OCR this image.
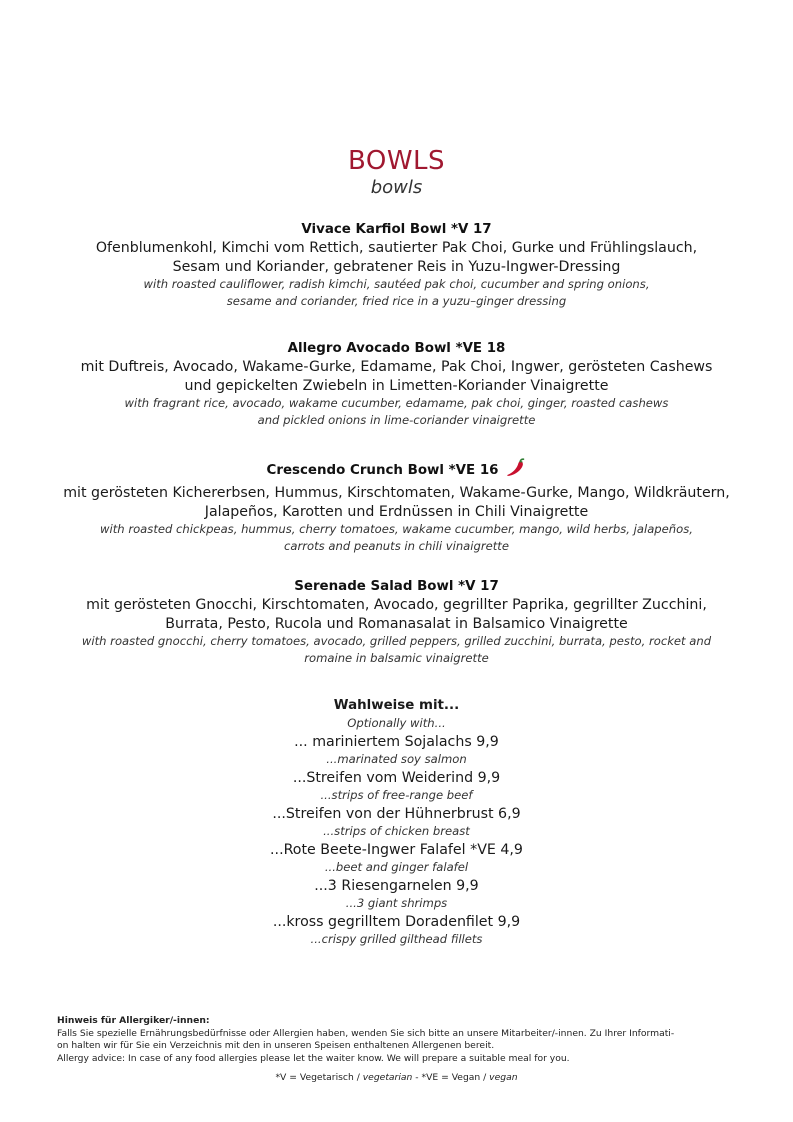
BOWLS
bowls
Vivace Karfiol Bowl *V 17
Ofenblumenkohl, Kimchi vom Rettich, sautierter Pak Choi, Gurke und Frühlingslauch,
Sesam und Koriander, gebratener Reis in Yuzu-Ingwer-Dressing
with roasted cauliflower, radish kimchi, sautéed pak choi, cucumber and spring onions,
sesame and coriander, fried rice in a yuzu–ginger dressing
Allegro Avocado Bowl *VE 18
mit Duftreis, Avocado, Wakame-Gurke, Edamame, Pak Choi, Ingwer, gerösteten Cashews
und gepickelten Zwiebeln in Limetten-Koriander Vinaigrette
with fragrant rice, avocado, wakame cucumber, edamame, pak choi, ginger, roasted cashews
and pickled onions in lime-coriander vinaigrette
Crescendo Crunch Bowl *VE 16
mit gerösteten Kichererbsen, Hummus, Kirschtomaten, Wakame-Gurke, Mango, Wildkräutern,
Jalapeños, Karotten und Erdnüssen in Chili Vinaigrette
with roasted chickpeas, hummus, cherry tomatoes, wakame cucumber, mango, wild herbs, jalapeños,
carrots and peanuts in chili vinaigrette
Serenade Salad Bowl *V 17
mit gerösteten Gnocchi, Kirschtomaten, Avocado, gegrillter Paprika, gegrillter Zucchini,
Burrata, Pesto, Rucola und Romanasalat in Balsamico Vinaigrette
with roasted gnocchi, cherry tomatoes, avocado, grilled peppers, grilled zucchini, burrata, pesto, rocket and
romaine in balsamic vinaigrette
Wahlweise mit...
Optionally with...
... mariniertem Sojalachs 9,9
...marinated soy salmon
...Streifen vom Weiderind 9,9
...strips of free-range beef
...Streifen von der Hühnerbrust 6,9
...strips of chicken breast
...Rote Beete-Ingwer Falafel *VE 4,9
...beet and ginger falafel
...3 Riesengarnelen 9,9
...3 giant shrimps
...kross gegrilltem Doradenfilet 9,9
...crispy grilled gilthead fillets
Hinweis für Allergiker/-innen:
Falls Sie spezielle Ernährungsbedürfnisse oder Allergien haben, wenden Sie sich bitte an unsere Mitarbeiter/-innen. Zu Ihrer Informati-
on halten wir für Sie ein Verzeichnis mit den in unseren Speisen enthaltenen Allergenen bereit.
Allergy advice: In case of any food allergies please let the waiter know. We will prepare a suitable meal for you.
*V = Vegetarisch / vegetarian - *VE = Vegan / vegan
